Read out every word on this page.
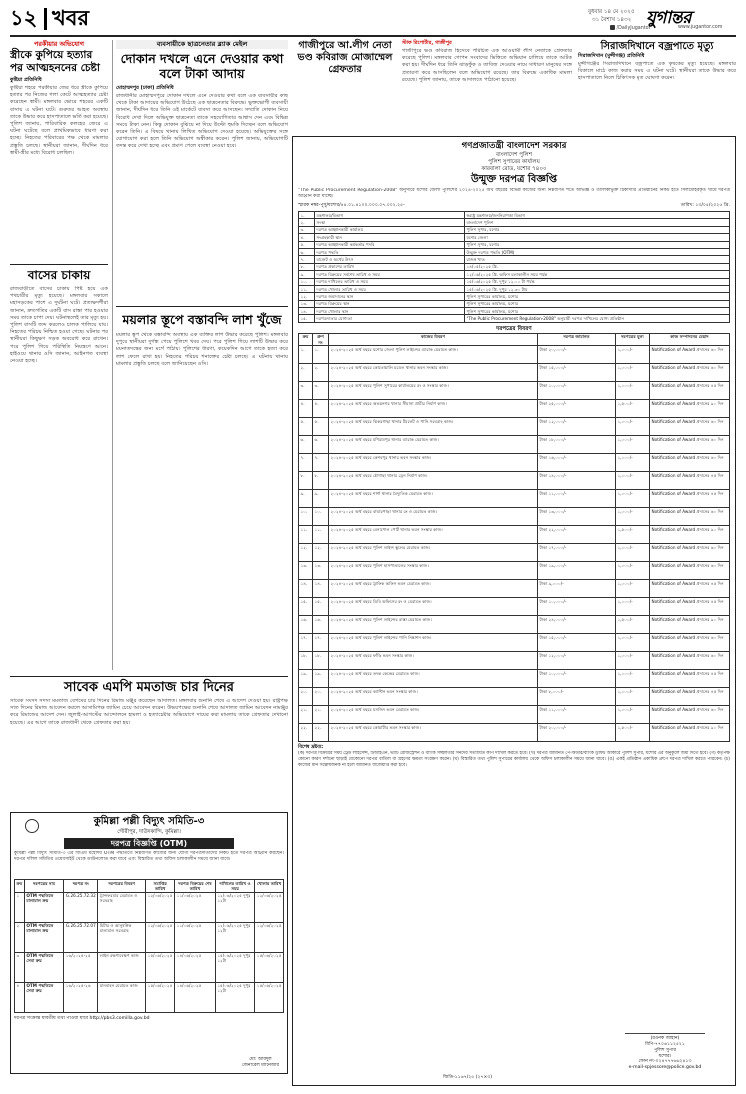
১২ খবর	বুধবার ১৪ মে ২০২৫
৩১ বৈশাখ ১৪৩২ যুগান্তর
/DailyJugantor	www.jugantor.com
পরকীয়ার অভিযোগ
স্ত্রীকে কুপিয়ে হত্যার পর আত্মহননের চেষ্টা
কুষ্টিয়া প্রতিনিধি
কুষ্টিয়া শহরে পরকীয়ার জের ধরে স্ত্রীকে কুপিয়ে হত্যার পর নিজের গলা কেটে আত্মহত্যার চেষ্টা করেছেন স্বামী। মঙ্গলবার ভোরে শহরের একটি বাসায় এ ঘটনা ঘটে। গুরুতর আহত অবস্থায় তাকে উদ্ধার করে হাসপাতালে ভর্তি করা হয়েছে। পুলিশ জানায়, পারিবারিক কলহের জেরে এ ঘটনা ঘটেছে বলে প্রাথমিকভাবে ধারণা করা হচ্ছে। নিহতের পরিবারের পক্ষ থেকে মামলার প্রস্তুতি চলছে। স্থানীয়রা জানান, দীর্ঘদিন ধরে স্বামী-স্ত্রীর মধ্যে বিরোধ চলছিল।
বাসের চাকায়
রাজবাড়ীতে বাসের চাকায় পিষ্ট হয়ে এক পথচারীর মৃত্যু হয়েছে। মঙ্গলবার সকালে মহাসড়কের পাশে এ দুর্ঘটনা ঘটে। প্রত্যক্ষদর্শীরা জানান, দ্রুতগতির একটি বাস রাস্তা পার হওয়ার সময় তাকে চাপা দেয়। ঘটনাস্থলেই তার মৃত্যু হয়। পুলিশ বাসটি জব্দ করলেও চালক পালিয়ে যায়। নিহতের পরিচয় নিশ্চিত হওয়া গেছে। ঘটনার পর স্থানীয়রা কিছুক্ষণ সড়ক অবরোধ করে রাখেন। পরে পুলিশ গিয়ে পরিস্থিতি নিয়ন্ত্রণে আনে। হাইওয়ে থানার ওসি জানান, আইনগত ব্যবস্থা নেওয়া হচ্ছে।
ব্যবসায়ীকে ছাত্রনেতার ব্ল্যাক মেইল
দোকান দখলে এনে দেওয়ার কথা বলে টাকা আদায়
মোহাম্মদপুর (ঢাকা) প্রতিনিধি
রাজধানীর মোহাম্মদপুরে দোকান দখলে এনে দেওয়ার কথা বলে এক ব্যবসায়ীর কাছ থেকে টাকা আদায়ের অভিযোগ উঠেছে এক ছাত্রনেতার বিরুদ্ধে। ভুক্তভোগী ব্যবসায়ী জানান, দীর্ঘদিন ধরে তিনি ওই মার্কেটে ব্যবসা করে আসছেন। সম্প্রতি দোকান নিয়ে বিরোধ দেখা দিলে অভিযুক্ত ছাত্রনেতা তাকে সহযোগিতার আশ্বাস দেন এবং বিভিন্ন সময়ে টাকা নেন। কিন্তু দোকান বুঝিয়ে না দিয়ে উল্টো হুমকি দিচ্ছেন বলে অভিযোগ করেন তিনি। এ বিষয়ে থানায় লিখিত অভিযোগ দেওয়া হয়েছে। অভিযুক্তের সঙ্গে যোগাযোগ করা হলে তিনি অভিযোগ অস্বীকার করেন। পুলিশ জানায়, অভিযোগটি তদন্ত করে দেখা হচ্ছে এবং প্রমাণ পেলে ব্যবস্থা নেওয়া হবে।
ময়লার স্তূপে বস্তাবন্দি লাশ খুঁজে
ময়লার স্তূপ থেকে বস্তাবন্দি অবস্থায় এক ব্যক্তির লাশ উদ্ধার করেছে পুলিশ। মঙ্গলবার দুপুরে স্থানীয়রা দুর্গন্ধ পেয়ে পুলিশে খবর দেয়। পরে পুলিশ গিয়ে লাশটি উদ্ধার করে ময়নাতদন্তের জন্য মর্গে পাঠায়। পুলিশের ধারণা, কয়েকদিন আগে তাকে হত্যা করে লাশ ফেলে রাখা হয়। নিহতের পরিচয় শনাক্তের চেষ্টা চলছে। এ ঘটনায় থানায় মামলার প্রস্তুতি চলছে বলে জানিয়েছেন ওসি।
সাবেক এমপি মমতাজ চার দিনের
সাবেক সংসদ সদস্য মমতাজ বেগমের চার দিনের রিমান্ড মঞ্জুর করেছেন আদালত। মঙ্গলবার শুনানি শেষে এ আদেশ দেওয়া হয়। রাষ্ট্রপক্ষ সাত দিনের রিমান্ড আবেদন করলে আসামিপক্ষ জামিন চেয়ে আবেদন করেন। উভয়পক্ষের শুনানি শেষে আদালত জামিন আবেদন নামঞ্জুর করে রিমান্ডের আদেশ দেন। জুলাই-আগস্টের আন্দোলনে হামলা ও হত্যাচেষ্টার অভিযোগে দায়ের করা মামলায় তাকে গ্রেফতার দেখানো হয়েছে। এর আগে তাকে রাজধানী থেকে গ্রেফতার করা হয়।
কুমিল্লা পল্লী বিদ্যুৎ সমিতি-৩
গৌরীপুর, দাউদকান্দি, কুমিল্লা।
দরপত্র বিজ্ঞপ্তি (OTM)
কুমিল্লা পল্লী বিদ্যুৎ সমিতি-৩ এর জিএম মহোদয় OTM পদ্ধতিতে নিম্নবর্ণিত কাজের জন্য যোগ্য দরপত্রদাতাদের নিকট হতে দরপত্র আহ্বান করছেন। দরপত্র দলিল সমিতির ওয়েবসাইট থেকে ডাউনলোড করা যাবে এবং বিস্তারিত তথ্য অফিস চলাকালীন সময়ে জানা যাবে।
ক্রম	দরপত্রের নাম	দরপত্র নং	দরপত্রের বিবরণ	সমাপ্তির তারিখ	দরপত্র বিক্রয়ের শেষ তারিখ	দাখিলের তারিখ ও সময়	খোলার তারিখ
১	OTM পদ্ধতিতে মালামাল ক্রয়	G.26.25.72.32	ট্রান্সফরমার মেরামত ও সরবরাহ	১২/০৬/২০২৫	১১/০৬/২০২৫	১২/০৬/২০২৫ দুপুর ১২টা	১২/০৬/২০২৫
২	OTM পদ্ধতিতে মালামাল ক্রয়	G.26.25.72.07	মিটার ও আনুষঙ্গিক মালামাল সরবরাহ	১২/০৬/২০২৫	১১/০৬/২০২৫	১২/০৬/২০২৫ দুপুর ১২টা	১২/০৬/২০২৫
৩	OTM পদ্ধতিতে সেবা ক্রয়	১৬/২০২৫-২৫	লাইন রক্ষণাবেক্ষণ কাজ	১৫/০৬/২০২৫	১৪/০৬/২০২৫	১৫/০৬/২০২৫ দুপুর ১২টা	১৫/০৬/২০২৫
৪	OTM পদ্ধতিতে সেবা ক্রয়	১৬/২০২৫-২৬	যানবাহন মেরামত কাজ	১৫/০৬/২০২৫	১৪/০৬/২০২৫	১৫/০৬/২০২৫ দুপুর ১২টা	১৫/০৬/২০২৫
দরপত্র সংক্রান্ত যাবতীয় তথ্য পাওয়া যাবে http://pbs3.comilla.gov.bd
মো: আবদুল
জেনারেল ম্যানেজার
গাজীপুরে আ.লীগ নেতা ভণ্ড কবিরাজ মোজাম্মেল গ্রেফতার
স্টাফ রিপোর্টার, গাজীপুর
গাজীপুরে ভণ্ড কবিরাজ হিসেবে পরিচিত এক আওয়ামী লীগ নেতাকে গ্রেফতার করেছে পুলিশ। মঙ্গলবার গোপন সংবাদের ভিত্তিতে অভিযান চালিয়ে তাকে আটক করা হয়। দীর্ঘদিন ধরে তিনি ঝাড়ফুঁক ও তাবিজ দেওয়ার নামে সাধারণ মানুষের সঙ্গে প্রতারণা করে আসছিলেন বলে অভিযোগ রয়েছে। তার বিরুদ্ধে একাধিক মামলা রয়েছে। পুলিশ জানায়, তাকে আদালতে পাঠানো হয়েছে।
সিরাজদিখানে বজ্রপাতে মৃত্যু
সিরাজদিখান (মুন্সীগঞ্জ) প্রতিনিধি
মুন্সীগঞ্জের সিরাজদিখানে বজ্রপাতে এক কৃষকের মৃত্যু হয়েছে। মঙ্গলবার বিকালে মাঠে কাজ করার সময় এ ঘটনা ঘটে। স্থানীয়রা তাকে উদ্ধার করে হাসপাতালে নিলে চিকিৎসক মৃত ঘোষণা করেন।
গণপ্রজাতন্ত্রী বাংলাদেশ সরকার
বাংলাদেশ পুলিশ
পুলিশ সুপারের কার্যালয়
কারবালা রোড, যশোর ৭৪০০
উন্মুক্ত দরপত্র বিজ্ঞপ্তি
"The Public Procurement Regulation-2008" অনুসারে যশোর জেলা পুলিশের ২০২৪-২০২৫ অর্থ বছরের বিভিন্ন কাজের জন্য নিম্নবর্ণিত শর্তে অভিজ্ঞ ও তালিকাভুক্ত ঠিকাদারি প্রতিষ্ঠানের নিকট হতে সিলমোহরকৃত খামে দরপত্র আহ্বান করা যাচ্ছে।
স্মারক নম্বর-পুসু/যশোর/৪৪.০১.৪১০০.০০০.০৭.০০২.২৫-	তারিখ: ১৩/০৫/২০২৫ খ্রি.
১.	মন্ত্রণালয়/বিভাগ	স্বরাষ্ট্র মন্ত্রণালয়/জননিরাপত্তা বিভাগ
২.	সংস্থা	বাংলাদেশ পুলিশ
৩.	দরপত্র আহ্বানকারী কার্যালয়	পুলিশ সুপার, যশোর
৪.	সংগ্রহকারী স্থান	যশোর জেলা
৫.	দরপত্র আহ্বানকারী কর্মকর্তার পদবি	পুলিশ সুপার, যশোর
৬.	দরপত্র পদ্ধতি	উন্মুক্ত দরপত্র পদ্ধতি (OTM)
৭.	বাজেট ও অর্থের উৎস	রাজস্ব খাত
৮.	দরপত্র প্রকাশের তারিখ	১৪/০৫/২০২৫ খ্রি.
৯.	দরপত্র বিক্রয়ের সর্বশেষ তারিখ ও সময়	১২/০৬/২০২৫ খ্রি. অফিস চলাকালীন সময় পর্যন্ত
১০.	দরপত্র দাখিলের তারিখ ও সময়	১৫/০৬/২০২৫ খ্রি. দুপুর ১২.০০ টা পর্যন্ত
১১.	দরপত্র খোলার তারিখ ও সময়	১৫/০৬/২০২৫ খ্রি. দুপুর ১২.৩০ টায়
১২.	দরপত্র জমাদানের স্থান	পুলিশ সুপারের কার্যালয়, যশোর
১৩.	দরপত্র বিক্রয়ের স্থান	পুলিশ সুপারের কার্যালয়, যশোর
১৪.	দরপত্র খোলার স্থান	পুলিশ সুপারের কার্যালয়, যশোর
১৫.	দরপত্রদাতার যোগ্যতা	"The Public Procurement Regulation-2008" অনুযায়ী দরপত্র দাখিলের যোগ্য প্রতিষ্ঠান
দরপত্রের বিবরণ
ক্রম	গ্রুপ নং	কাজের বিবরণ	দরপত্র জামানত	দরপত্রের মূল্য	কাজ সম্পাদনের মেয়াদ
১.	১.	২০২৪-২০২৫ অর্থ বছরে যশোর জেলা পুলিশ লাইন্সের ব্যারাক মেরামত কাজ।	টাকা ২০,০০০/-	১,০০০/-	Notification of Award প্রদানের ৬০ দিন
২.	২.	২০২৪-২০২৫ অর্থ বছরে কোতোয়ালি মডেল থানার ভবন সংস্কার কাজ।	টাকা ১৫,০০০/-	১,০০০/-	Notification of Award প্রদানের ৬০ দিন
৩.	৩.	২০২৪-২০২৫ অর্থ বছরে পুলিশ সুপারের কার্যালয়ের রং ও সংস্কার কাজ।	টাকা ১০,০০০/-	১,০০০/-	Notification of Award প্রদানের ৪৫ দিন
৪.	৪.	২০২৪-২০২৫ অর্থ বছরে অভয়নগর থানার সীমানা প্রাচীর নির্মাণ কাজ।	টাকা ২৫,০০০/-	১,৫০০/-	Notification of Award প্রদানের ৯০ দিন
৫.	৫.	২০২৪-২০২৫ অর্থ বছরে ঝিকরগাছা থানার টয়লেট ও পানি সরবরাহ কাজ।	টাকা ১২,০০০/-	১,০০০/-	Notification of Award প্রদানের ৬০ দিন
৬.	৬.	২০২৪-২০২৫ অর্থ বছরে মণিরামপুর থানার ব্যারাক মেরামত কাজ।	টাকা ১৮,০০০/-	১,০০০/-	Notification of Award প্রদানের ৬০ দিন
৭.	৭.	২০২৪-২০২৫ অর্থ বছরে কেশবপুর থানার ভবন সংস্কার কাজ।	টাকা ১৬,০০০/-	১,০০০/-	Notification of Award প্রদানের ৬০ দিন
৮.	৮.	২০২৪-২০২৫ অর্থ বছরে চৌগাছা থানার ড্রেন নির্মাণ কাজ।	টাকা ১৪,০০০/-	১,০০০/-	Notification of Award প্রদানের ৪৫ দিন
৯.	৯.	২০২৪-২০২৫ অর্থ বছরে শার্শা থানার বৈদ্যুতিক মেরামত কাজ।	টাকা ১১,০০০/-	১,০০০/-	Notification of Award প্রদানের ৪৫ দিন
১০.	১০.	২০২৪-২০২৫ অর্থ বছরে বাঘারপাড়া থানার রং ও মেরামত কাজ।	টাকা ১৩,০০০/-	১,০০০/-	Notification of Award প্রদানের ৬০ দিন
১১.	১১.	২০২৪-২০২৫ অর্থ বছরে বেনাপোল পোর্ট থানার ভবন সংস্কার কাজ।	টাকা ২২,০০০/-	১,৫০০/-	Notification of Award প্রদানের ৯০ দিন
১২.	১২.	২০২৪-২০২৫ অর্থ বছরে পুলিশ লাইন্স স্কুলের মেরামত কাজ।	টাকা ১৭,০০০/-	১,০০০/-	Notification of Award প্রদানের ৬০ দিন
১৩.	১৩.	২০২৪-২০২৫ অর্থ বছরে পুলিশ হাসপাতালের সংস্কার কাজ।	টাকা ১৯,০০০/-	১,০০০/-	Notification of Award প্রদানের ৬০ দিন
১৪.	১৪.	২০২৪-২০২৫ অর্থ বছরে ট্রাফিক অফিস ভবন মেরামত কাজ।	টাকা ৯,০০০/-	১,০০০/-	Notification of Award প্রদানের ৪৫ দিন
১৫.	১৫.	২০২৪-২০২৫ অর্থ বছরে ডিবি অফিসের রং ও মেরামত কাজ।	টাকা ১০,০০০/-	১,০০০/-	Notification of Award প্রদানের ৪৫ দিন
১৬.	১৬.	২০২৪-২০২৫ অর্থ বছরে পুলিশ লাইন্সের রাস্তা মেরামত কাজ।	টাকা ২৪,০০০/-	১,৫০০/-	Notification of Award প্রদানের ৯০ দিন
১৭.	১৭.	২০২৪-২০২৫ অর্থ বছরে পুলিশ লাইন্সের পানি নিষ্কাশন কাজ।	টাকা ১৫,০০০/-	১,০০০/-	Notification of Award প্রদানের ৬০ দিন
১৮.	১৮.	২০২৪-২০২৫ অর্থ বছরে ফাঁড়ি ভবন সংস্কার কাজ।	টাকা ১২,০০০/-	১,০০০/-	Notification of Award প্রদানের ৬০ দিন
১৯.	১৯.	২০২৪-২০২৫ অর্থ বছরে তদন্ত কেন্দ্রের মেরামত কাজ।	টাকা ১০,০০০/-	১,০০০/-	Notification of Award প্রদানের ৪৫ দিন
২০.	২০.	২০২৪-২০২৫ অর্থ বছরে ক্যান্টিন ভবন সংস্কার কাজ।	টাকা ৮,০০০/-	১,০০০/-	Notification of Award প্রদানের ৪৫ দিন
২১.	২১.	২০২৪-২০২৫ অর্থ বছরে মসজিদ ভবন মেরামত কাজ।	টাকা ১১,০০০/-	১,০০০/-	Notification of Award প্রদানের ৬০ দিন
২২.	২২.	২০২৪-২০২৫ অর্থ বছরে কোয়ার্টার ভবন সংস্কার কাজ।	টাকা ২০,০০০/-	১,৫০০/-	Notification of Award প্রদানের ৯০ দিন
বিশেষ দ্রষ্টব্য:
(ক) দরপত্র বিক্রয়ের সময় ট্রেড লাইসেন্স, টিআইএন, ভ্যাট রেজিস্ট্রেশন ও ব্যাংক সচ্ছলতার সনদের সত্যায়িত কপি দাখিল করতে হবে। (খ) দরপত্র জামানত পে-অর্ডার/ব্যাংক ড্রাফট আকারে পুলিশ সুপার, যশোর এর অনুকূলে জমা দিতে হবে। (গ) কর্তৃপক্ষ কোনো কারণ দর্শানো ছাড়াই যেকোনো দরপত্র বাতিল বা গ্রহণের ক্ষমতা সংরক্ষণ করেন। (ঘ) বিস্তারিত তথ্য পুলিশ সুপারের কার্যালয় থেকে অফিস চলাকালীন সময়ে জানা যাবে। (ঙ) একই প্রতিষ্ঠান একাধিক গ্রুপে দরপত্র দাখিল করতে পারবেন। (চ) কাজের মান সন্তোষজনক না হলে জামানত বাজেয়াপ্ত করা হবে।
(রওনক জাহান)
বিপি-৭৭০৬১১২৫২১
পুলিশ সুপার
যশোর।
ফোন নং-০২৪৭৭৭৬৬২৪১৩
e-mail-spjessore@police.gov.bd
জিডি-১১৬৭/২৫ (২৭×৩)
